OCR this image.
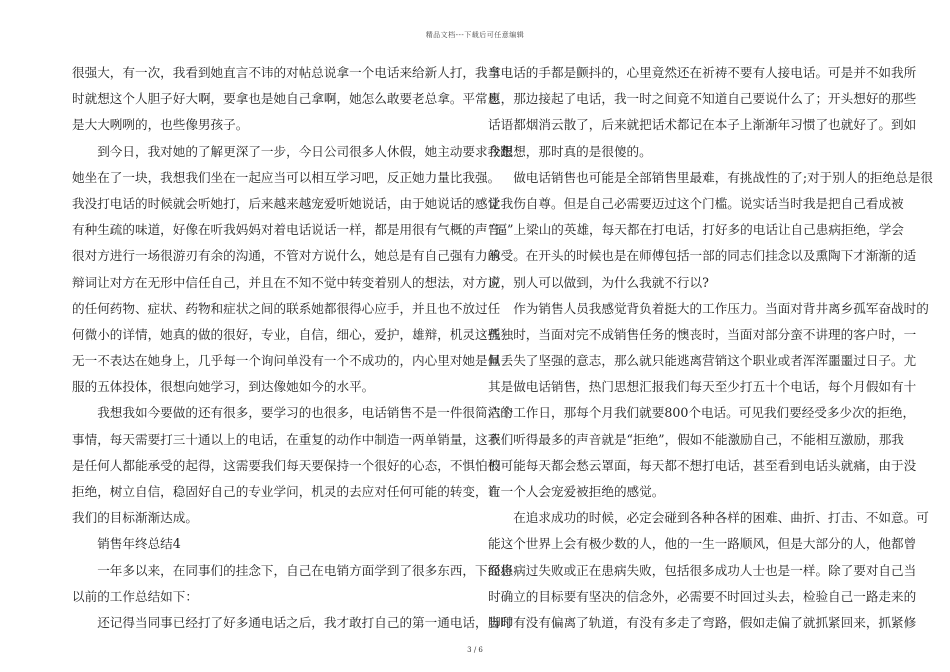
精品文档---下载后可任意编辑
很强大，有一次，我看到她直言不讳的对帖总说拿一个电话来给新人打，我当
时就想这个人胆子好大啊，要拿也是她自己拿啊，她怎么敢要老总拿。平常也
是大大咧咧的，也些像男孩子。
　　到今日，我对她的了解更深了一步，今日公司很多人休假，她主动要求我跟
她坐在了一块，我想我们坐在一起应当可以相互学习吧，反正她力量比我强。
我没打电话的时候就会听她打，后来越来越宠爱听她说话，由于她说话的感觉
有种生疏的味道，好像在听我妈妈对着电话说话一样，都是用很有气概的声音
很对方进行一场很游刃有余的沟通，不管对方说什么，她总是有自己强有力的
辩词让对方在无形中信任自己，并且在不知不觉中转变着别人的想法，对方说
的任何药物、症状、药物和症状之间的联系她都很得心应手，并且也不放过任
何微小的详情，她真的做的很好，专业，自信，细心，爱护，雄辩，机灵这些
无一不表达在她身上，几乎每一个询问单没有一个不成功的，内心里对她是佩
服的五体投体，很想向她学习，到达像她如今的水平。
　　我想我如今要做的还有很多，要学习的也很多，电话销售不是一件很简洁的
事情，每天需要打三十通以上的电话，在重复的动作中制造一两单销量，这不
是任何人都能承受的起得，这需要我们每天要保持一个很好的心态，不惧怕被
拒绝，树立自信，稳固好自己的专业学问，机灵的去应对任何可能的转变，让
我们的目标渐渐达成。
　　销售年终总结4
　　一年多以来，在同事们的挂念下，自己在电销方面学到了很多东西，下面将
以前的工作总结如下：
　　还记得当同事已经打了好多通电话之后，我才敢打自己的第一通电话，当时
拿电话的手都是颤抖的，心里竟然还在祈祷不要有人接电话。可是并不如我所
愿，那边接起了电话，我一时之间竟不知道自己要说什么了；开头想好的那些
话语都烟消云散了，后来就把话术都记在本子上渐渐年习惯了也就好了。到如
今想想，那时真的是很傻的。
　　做电话销售也可能是全部销售里最难，有挑战性的了;对于别人的拒绝总是很
让我伤自尊。但是自己必需要迈过这个门槛。说实话当时我是把自己看成被
“逼”上梁山的英雄，每天都在打电话，打好多的电话让自己患病拒绝，学会
承受。在开头的时候也是在师傅包括一部的同志们挂念以及熏陶下才渐渐的适
应，别人可以做到，为什么我就不行以?
　　作为销售人员我感觉背负着挺大的工作压力。当面对背井离乡孤军奋战时的
孤独时，当面对完不成销售任务的懊丧时，当面对部分蛮不讲理的客户时，一
旦丢失了坚强的意志，那么就只能逃离营销这个职业或者浑浑噩噩过日子。尤
其是做电话销售，热门思想汇报我们每天至少打五十个电话，每个月假如有十
六个工作日，那每个月我们就要800个电话。可见我们要经受多少次的拒绝，
我们听得最多的声音就是“拒绝”，假如不能激励自己，不能相互激励，那我
们可能每天都会愁云罩面，每天都不想打电话，甚至看到电话头就痛，由于没
有一个人会宠爱被拒绝的感觉。
　　在追求成功的时候，必定会碰到各种各样的困难、曲折、打击、不如意。可
能这个世界上会有极少数的人，他的一生一路顺风，但是大部分的人，他都曾
经患病过失败或正在患病失败，包括很多成功人士也是一样。除了要对自己当
时确立的目标要有坚决的信念外，必需要不时回过头去，检验自己一路走来的
脚印有没有偏离了轨道，有没有多走了弯路，假如走偏了就抓紧回来，抓紧修
3 / 6
